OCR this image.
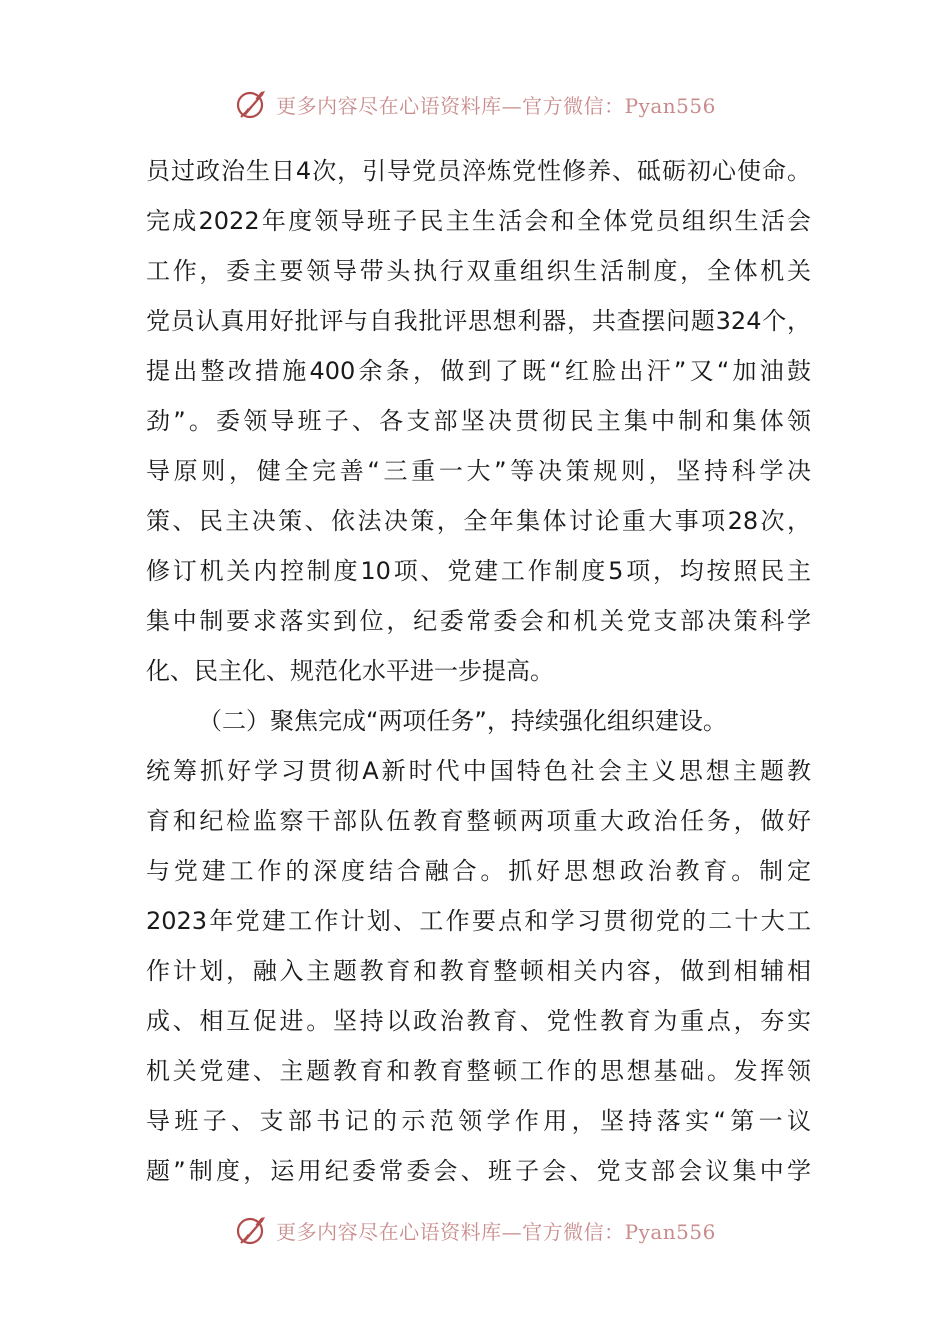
更多内容尽在心语资料库—官方微信：Pyan556
员过政治生日4次，引导党员淬炼党性修养、砥砺初心使命。
完成2022年度领导班子民主生活会和全体党员组织生活会
工作，委主要领导带头执行双重组织生活制度，全体机关
党员认真用好批评与自我批评思想利器，共查摆问题324个，
提出整改措施400余条，做到了既“红脸出汗”又“加油鼓
劲”。委领导班子、各支部坚决贯彻民主集中制和集体领
导原则，健全完善“三重一大”等决策规则，坚持科学决
策、民主决策、依法决策，全年集体讨论重大事项28次，
修订机关内控制度10项、党建工作制度5项，均按照民主
集中制要求落实到位，纪委常委会和机关党支部决策科学
化、民主化、规范化水平进一步提高。
（二）聚焦完成“两项任务”，持续强化组织建设。
统筹抓好学习贯彻A新时代中国特色社会主义思想主题教
育和纪检监察干部队伍教育整顿两项重大政治任务，做好
与党建工作的深度结合融合。抓好思想政治教育。制定
2023年党建工作计划、工作要点和学习贯彻党的二十大工
作计划，融入主题教育和教育整顿相关内容，做到相辅相
成、相互促进。坚持以政治教育、党性教育为重点，夯实
机关党建、主题教育和教育整顿工作的思想基础。发挥领
导班子、支部书记的示范领学作用，坚持落实“第一议
题”制度，运用纪委常委会、班子会、党支部会议集中学
更多内容尽在心语资料库—官方微信：Pyan556
